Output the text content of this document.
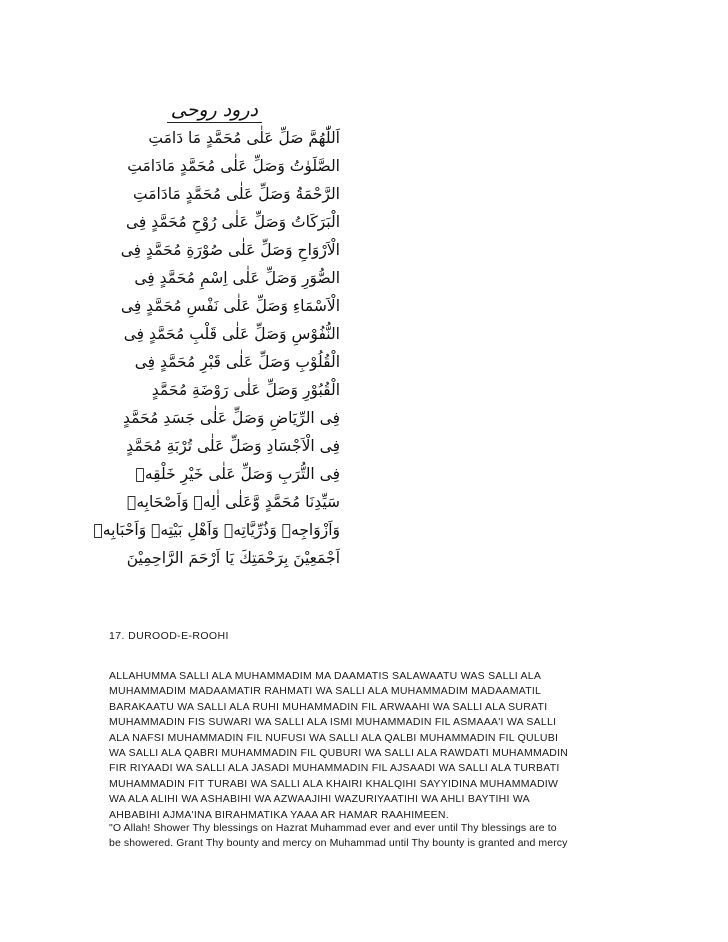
درود روحی
اَللّٰهُمَّ صَلِّ عَلٰى مُحَمَّدٍ مَا دَامَتِ
الصَّلَوٰتُ وَصَلِّ عَلٰى مُحَمَّدٍ مَادَامَتِ
الرَّحْمَةُ وَصَلِّ عَلٰى مُحَمَّدٍ مَادَامَتِ
الْبَرَكَاتُ وَصَلِّ عَلٰى رُوْحِ مُحَمَّدٍ فِى
الْاَرْوَاحِ وَصَلِّ عَلٰى صُوْرَةِ مُحَمَّدٍ فِى
الصُّوَرِ وَصَلِّ عَلٰى اِسْمِ مُحَمَّدٍ فِى
الْاَسْمَاءِ وَصَلِّ عَلٰى نَفْسِ مُحَمَّدٍ فِى
النُّفُوْسِ وَصَلِّ عَلٰى قَلْبِ مُحَمَّدٍ فِى
الْقُلُوْبِ وَصَلِّ عَلٰى قَبْرِ مُحَمَّدٍ فِى
الْقُبُوْرِ وَصَلِّ عَلٰى رَوْضَةِ مُحَمَّدٍ
فِى الرِّيَاضِ وَصَلِّ عَلٰى جَسَدِ مُحَمَّدٍ
فِى الْاَجْسَادِ وَصَلِّ عَلٰى تُرْبَةِ مُحَمَّدٍ
فِى التُّرَبِ وَصَلِّ عَلٰى خَيْرِ خَلْقِهٖ
سَيِّدِنَا مُحَمَّدٍ وَّعَلٰى اٰلِهٖ وَاَصْحَابِهٖ
وَاَزْوَاجِهٖ وَذُرِّيَّاتِهٖ وَاَهْلِ بَيْتِهٖ وَاَحْبَابِهٖ
اَجْمَعِيْنَ بِرَحْمَتِكَ يَا اَرْحَمَ الرَّاحِمِيْنَ
17. DUROOD-E-ROOHI

ALLAHUMMA SALLI ALA MUHAMMADIM MA DAAMATIS SALAWAATU WAS SALLI ALA
MUHAMMADIM MADAAMATIR RAHMATI WA SALLI ALA MUHAMMADIM MADAAMATIL
BARAKAATU WA SALLI ALA RUHI MUHAMMADIN FIL ARWAAHI WA SALLI ALA SURATI
MUHAMMADIN FIS SUWARI WA SALLI ALA ISMI MUHAMMADIN FIL ASMAAA'I WA SALLI
ALA NAFSI MUHAMMADIN FIL NUFUSI WA SALLI ALA QALBI MUHAMMADIN FIL QULUBI
WA SALLI ALA QABRI MUHAMMADIN FIL QUBURI WA SALLI ALA RAWDATI MUHAMMADIN
FIR RIYAADI WA SALLI ALA JASADI MUHAMMADIN FIL AJSAADI WA SALLI ALA TURBATI
MUHAMMADIN FIT TURABI WA SALLI ALA KHAIRI KHALQIHI SAYYIDINA MUHAMMADIW
WA ALA ALIHI WA ASHABIHI WA AZWAAJIHI WAZURIYAATIHI WA AHLI BAYTIHI WA
AHBABIHI AJMA'INA BIRAHMATIKA YAAA AR HAMAR RAAHIMEEN.

"O Allah! Shower Thy blessings on Hazrat Muhammad ever and ever until Thy blessings are to
be showered. Grant Thy bounty and mercy on Muhammad until Thy bounty is granted and mercy
